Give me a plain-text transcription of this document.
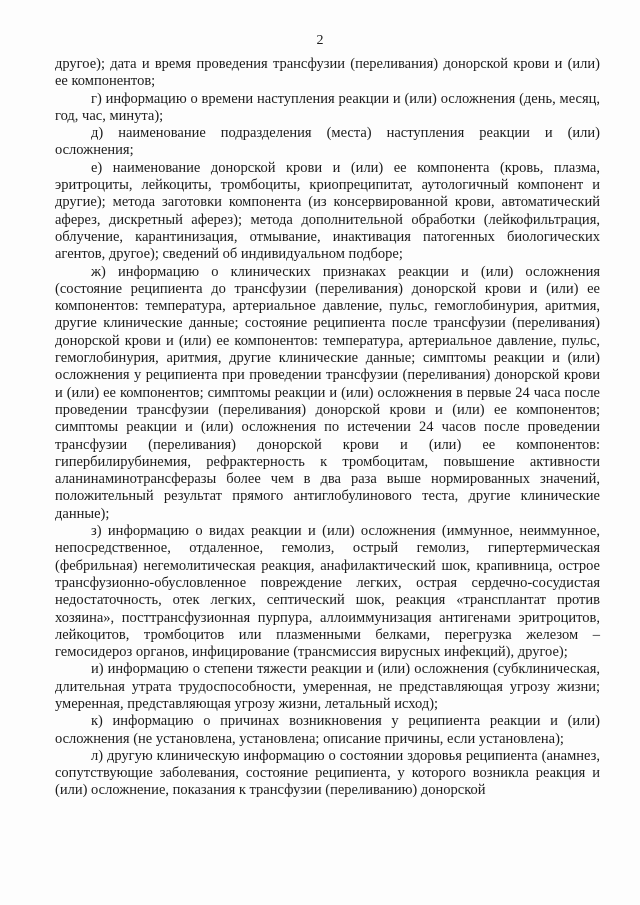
2

другое); дата и время проведения трансфузии (переливания) донорской крови и (или) ее компонентов;

г) информацию о времени наступления реакции и (или) осложнения (день, месяц, год, час, минута);

д) наименование подразделения (места) наступления реакции и (или) осложнения;

е) наименование донорской крови и (или) ее компонента (кровь, плазма, эритроциты, лейкоциты, тромбоциты, криопреципитат, аутологичный компонент и другие); метода заготовки компонента (из консервированной крови, автоматический аферез, дискретный аферез); метода дополнительной обработки (лейкофильтрация, облучение, карантинизация, отмывание, инактивация патогенных биологических агентов, другое); сведений об индивидуальном подборе;

ж) информацию о клинических признаках реакции и (или) осложнения (состояние реципиента до трансфузии (переливания) донорской крови и (или) ее компонентов: температура, артериальное давление, пульс, гемоглобинурия, аритмия, другие клинические данные; состояние реципиента после трансфузии (переливания) донорской крови и (или) ее компонентов: температура, артериальное давление, пульс, гемоглобинурия, аритмия, другие клинические данные; симптомы реакции и (или) осложнения у реципиента при проведении трансфузии (переливания) донорской крови и (или) ее компонентов; симптомы реакции и (или) осложнения в первые 24 часа после проведении трансфузии (переливания) донорской крови и (или) ее компонентов; симптомы реакции и (или) осложнения по истечении 24 часов после проведении трансфузии (переливания) донорской крови и (или) ее компонентов: гипербилирубинемия, рефрактерность к тромбоцитам, повышение активности аланинаминотрансферазы более чем в два раза выше нормированных значений, положительный результат прямого антиглобулинового теста, другие клинические данные);

з) информацию о видах реакции и (или) осложнения (иммунное, неиммунное, непосредственное, отдаленное, гемолиз, острый гемолиз, гипертермическая (фебрильная) негемолитическая реакция, анафилактический шок, крапивница, острое трансфузионно-обусловленное повреждение легких, острая сердечно-сосудистая недостаточность, отек легких, септический шок, реакция «трансплантат против хозяина», посттрансфузионная пурпура, аллоиммунизация антигенами эритроцитов, лейкоцитов, тромбоцитов или плазменными белками, перегрузка железом – гемосидероз органов, инфицирование (трансмиссия вирусных инфекций), другое);

и) информацию о степени тяжести реакции и (или) осложнения (субклиническая, длительная утрата трудоспособности, умеренная, не представляющая угрозу жизни; умеренная, представляющая угрозу жизни, летальный исход);

к) информацию о причинах возникновения у реципиента реакции и (или) осложнения (не установлена, установлена; описание причины, если установлена);

л) другую клиническую информацию о состоянии здоровья реципиента (анамнез, сопутствующие заболевания, состояние реципиента, у которого возникла реакция и (или) осложнение, показания к трансфузии (переливанию) донорской
